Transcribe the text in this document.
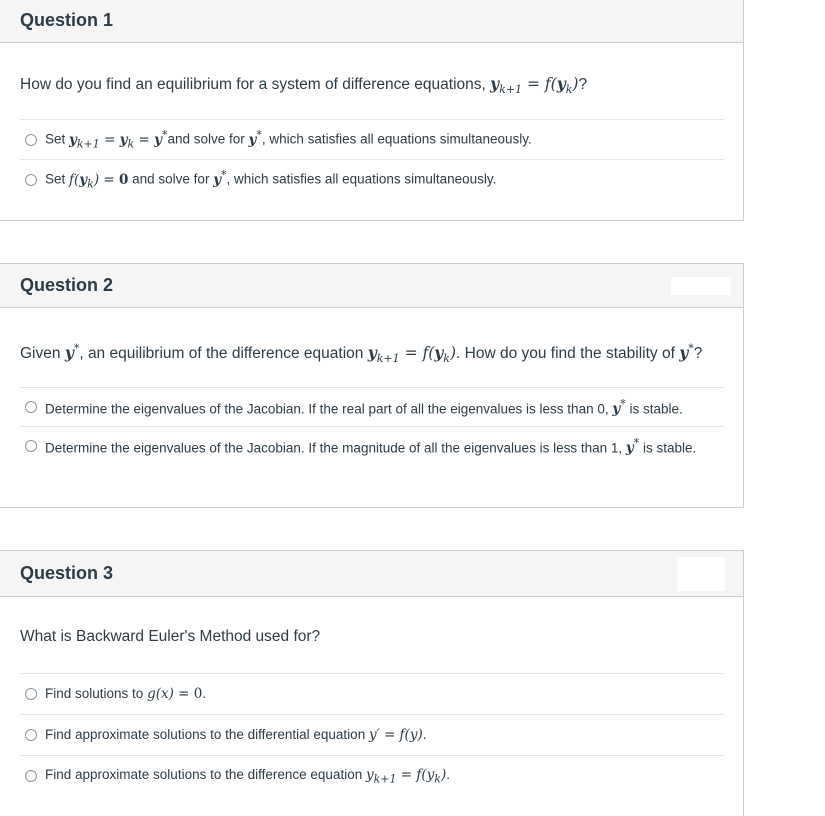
Question 1
How do you find an equilibrium for a system of difference equations, $y_{k+1} = f(y_k)$?
Set $y_{k+1} = y_k = y^*and$ solve for y*, which satisfies all equations simultaneously.
Set $f(y_k) = 0$ and solve for y*, which satisfies all equations simultaneously.
Question 2
Given y*, an equilibrium of the difference equation $y_{k+1} = f(y_k)$. How do you find the stability of y*?
Determine the eigenvalues of the Jacobian. If the real part of all the eigenvalues is less than 0, y* is stable.
Determine the eigenvalues of the Jacobian. If the magnitude of all the eigenvalues is less than 1, y* is stable.
Question 3
What is Backward Euler's Method used for?
Find solutions to g(x) = 0.
Find approximate solutions to the differential equation y′ = f(y).
Find approximate solutions to the difference equation $y_{k+1} = f(y_k)$.
